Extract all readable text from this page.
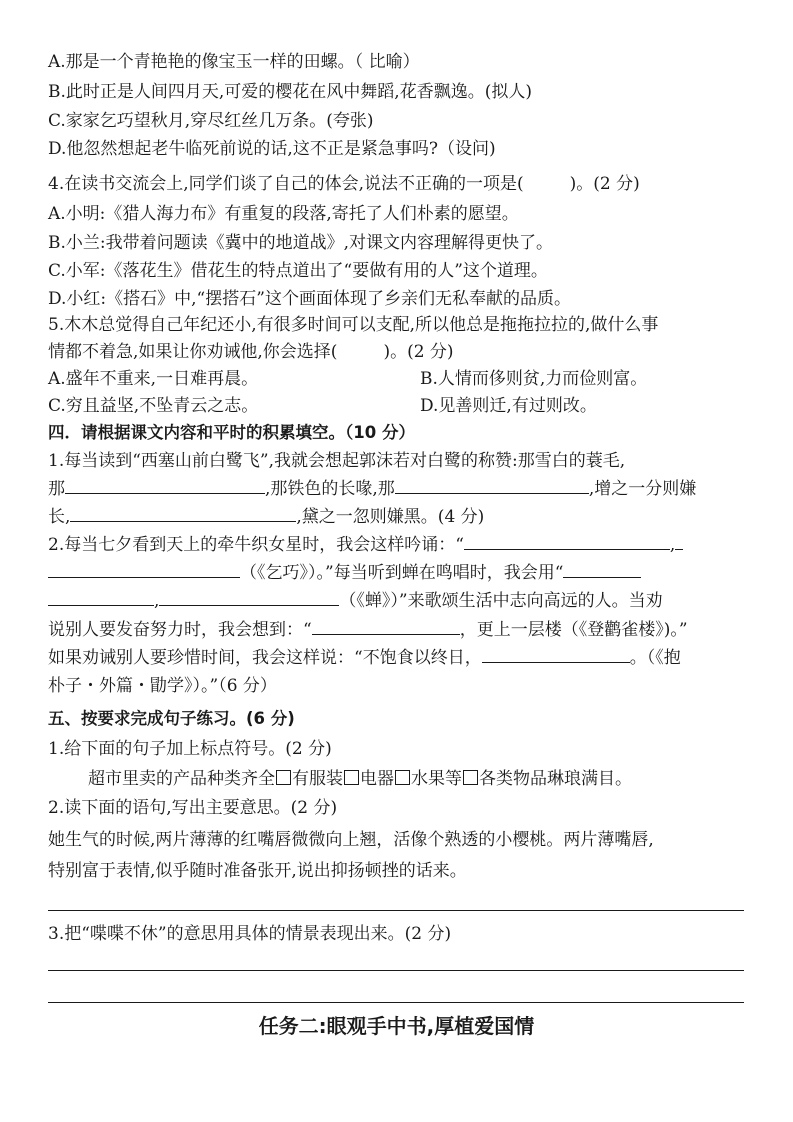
A.那是一个青艳艳的像宝玉一样的田螺。（ 比喻）
B.此时正是人间四月天,可爱的樱花在风中舞蹈,花香飘逸。(拟人)
C.家家乞巧望秋月,穿尽红丝几万条。(夸张)
D.他忽然想起老牛临死前说的话,这不正是紧急事吗?（设问)
4.在读书交流会上,同学们谈了自己的体会,说法不正确的一项是(	)。(2 分)
A.小明:《猎人海力布》有重复的段落,寄托了人们朴素的愿望。
B.小兰:我带着问题读《冀中的地道战》,对课文内容理解得更快了。
C.小军:《落花生》借花生的特点道出了“要做有用的人”这个道理。
D.小红:《搭石》中,“摆搭石”这个画面体现了乡亲们无私奉献的品质。
5.木木总觉得自己年纪还小,有很多时间可以支配,所以他总是拖拖拉拉的,做什么事
情都不着急,如果让你劝诫他,你会选择(	)。(2 分)
A.盛年不重来,一日难再晨。	B.人情而侈则贫,力而俭则富。
C.穷且益坚,不坠青云之志。	D.见善则迁,有过则改。
四．请根据课文内容和平时的积累填空。（10 分）
1.每当读到“西塞山前白鹭飞”,我就会想起郭沫若对白鹭的称赞:那雪白的蓑毛,
那	,那铁色的长喙,那	,增之一分则嫌
长,	,黛之一忽则嫌黑。(4 分)
2.每当七夕看到天上的牵牛织女星时，我会这样吟诵：“	,
（《乞巧》）。”每当听到蝉在鸣唱时，我会用“
,	（《蝉》）”来歌颂生活中志向高远的人。当劝
说别人要发奋努力时，我会想到：“	，更上一层楼（《登鹳雀楼》)。”
如果劝诫别人要珍惜时间，我会这样说：“不饱食以终日，	。（《抱
朴子・外篇・勖学》）。”（6 分）
五、按要求完成句子练习。(6 分)
1.给下面的句子加上标点符号。(2 分)
超市里卖的产品种类齐全 有服装 电器 水果等 各类物品琳琅满目。
2.读下面的语句,写出主要意思。(2 分)
她生气的时候,两片薄薄的红嘴唇微微向上翘，活像个熟透的小樱桃。两片薄嘴唇,
特别富于表情,似乎随时准备张开,说出抑扬顿挫的话来。
3.把“喋喋不休”的意思用具体的情景表现出来。(2 分)
任务二:眼观手中书,厚植爱国情
